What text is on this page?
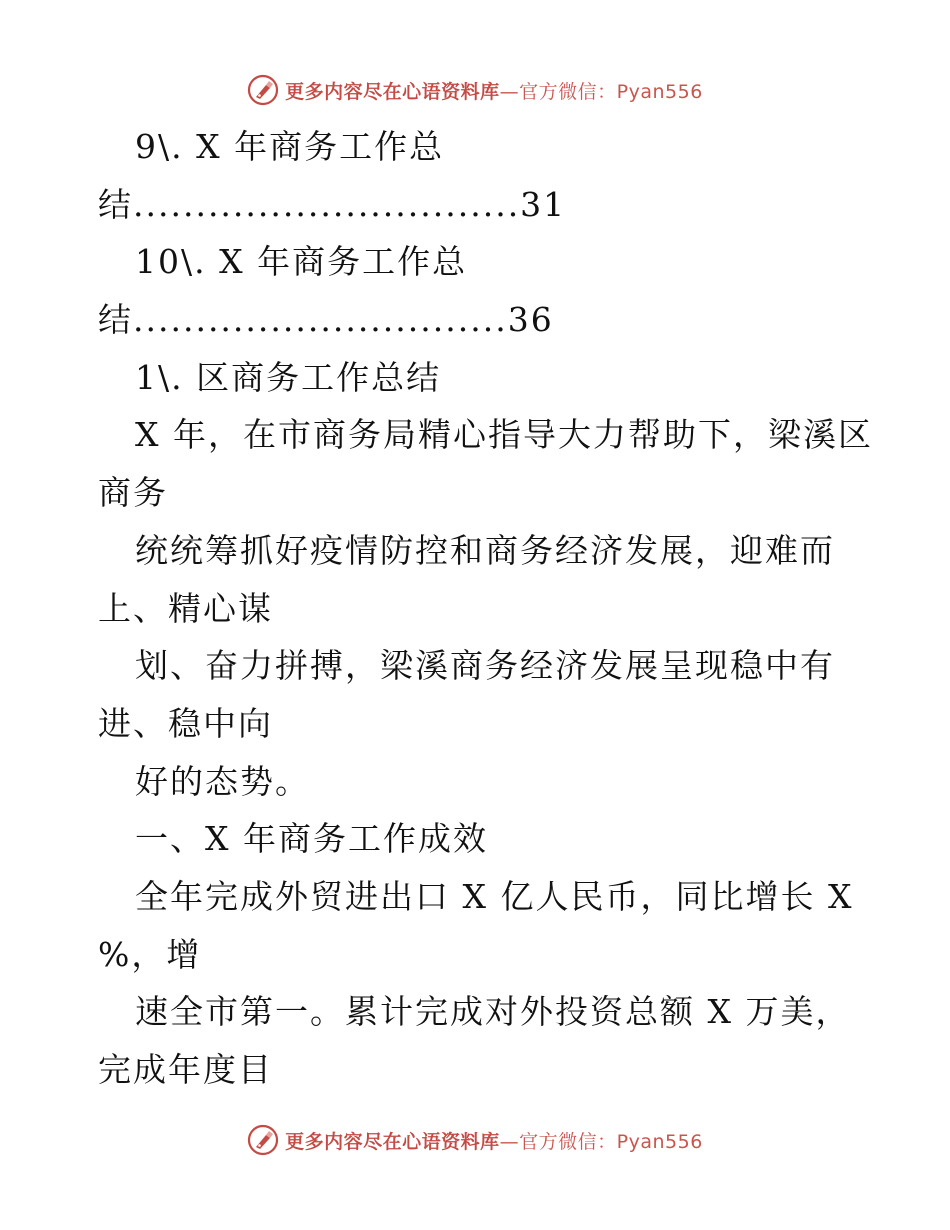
更多内容尽在心语资料库—官方微信：Pyan556
9\. X 年商务工作总
结...............................31
10\. X 年商务工作总
结..............................36
1\. 区商务工作总结
X 年，在市商务局精心指导大力帮助下，梁溪区
商务
统统筹抓好疫情防控和商务经济发展，迎难而
上、精心谋
划、奋力拼搏，梁溪商务经济发展呈现稳中有
进、稳中向
好的态势。
一、X 年商务工作成效
全年完成外贸进出口 X 亿人民币，同比增长 X
%，增
速全市第一。累计完成对外投资总额 X 万美，
完成年度目
更多内容尽在心语资料库—官方微信：Pyan556
